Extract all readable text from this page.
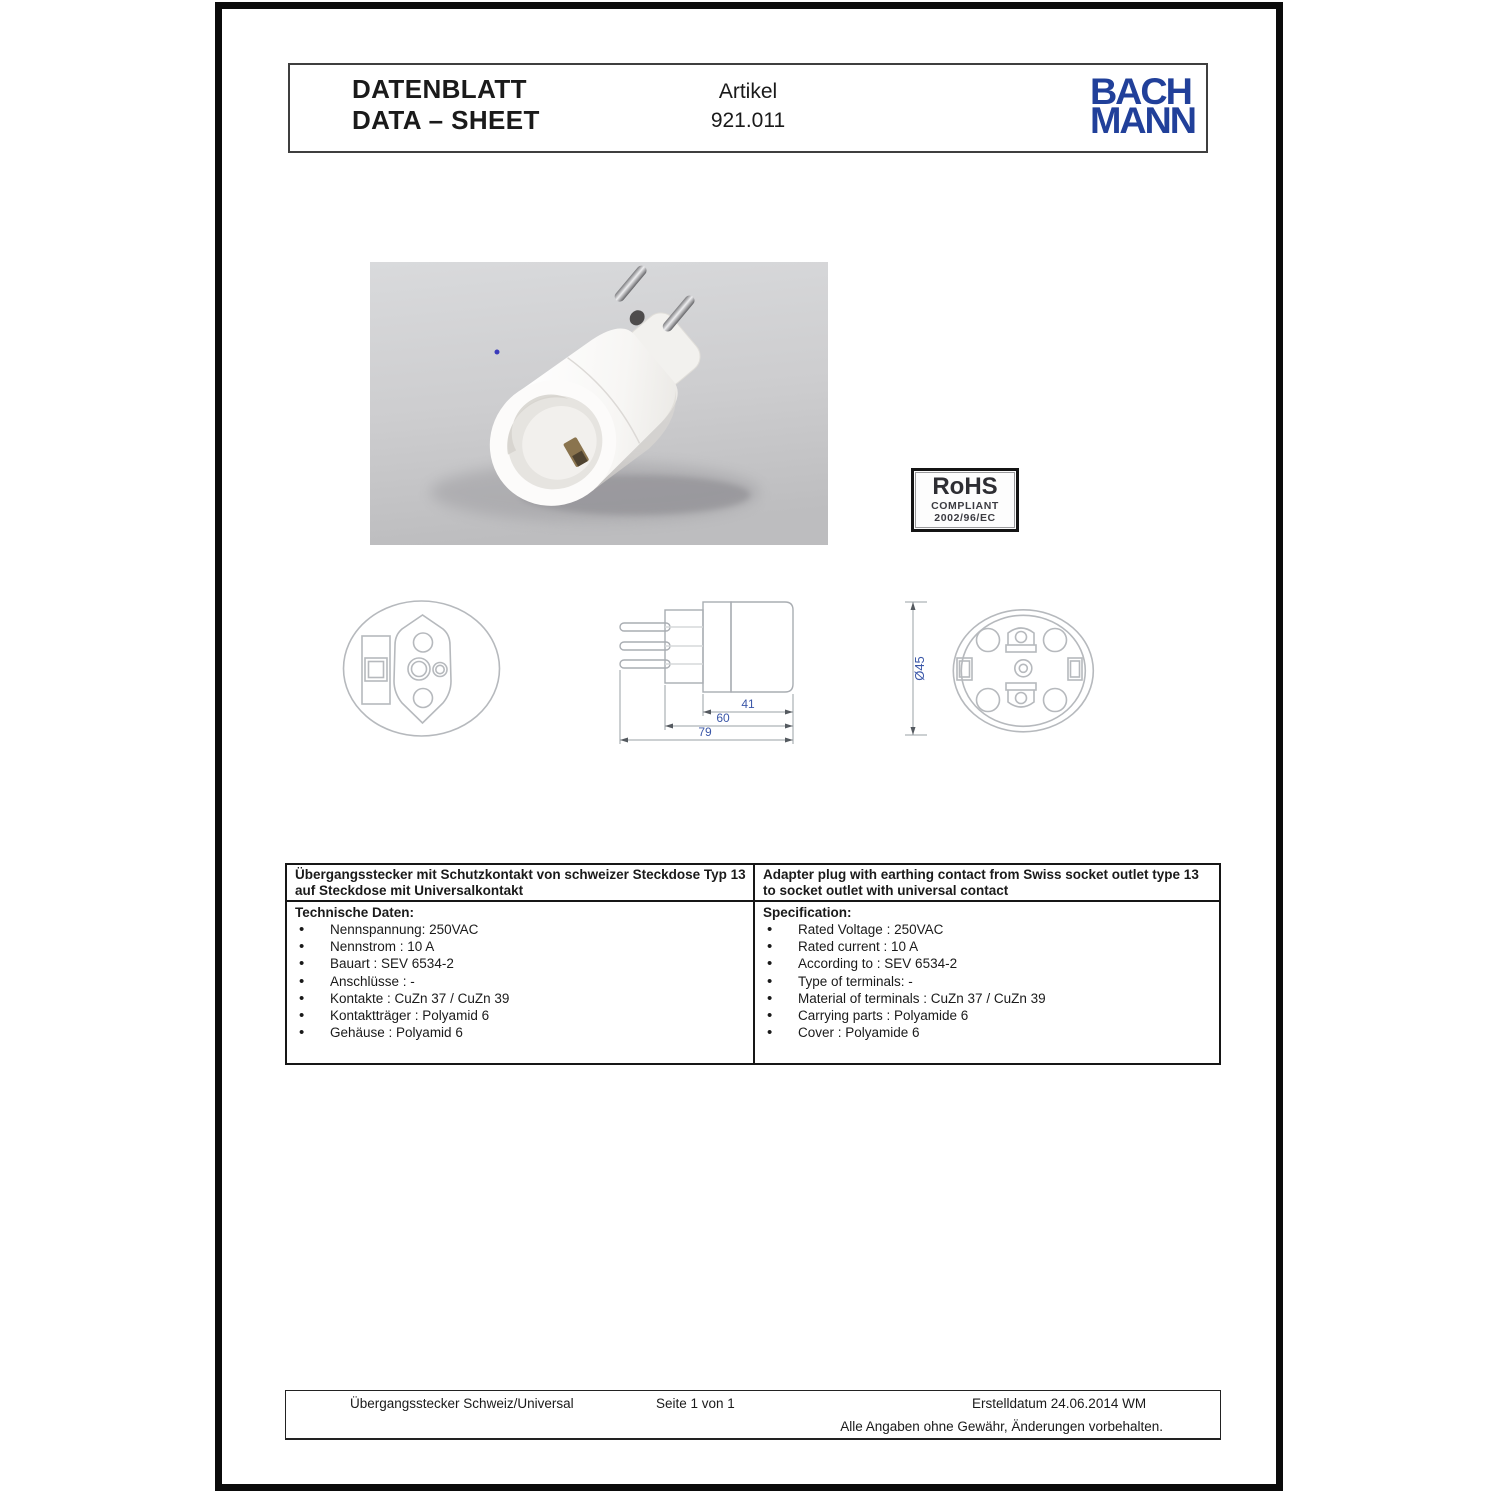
DATENBLATT
DATA – SHEET
Artikel
921.011
BACH
MANN
RoHS
COMPLIANT
2002/96/EC
41
60
79
Ø45
Übergangsstecker mit Schutzkontakt von schweizer Steckdose Typ 13 auf Steckdose mit Universalkontakt
Adapter plug with earthing contact from Swiss socket outlet type 13 to socket outlet with universal contact
Technische Daten:
• Nennspannung: 250VAC
• Nennstrom : 10 A
• Bauart : SEV 6534-2
• Anschlüsse : -
• Kontakte : CuZn 37 / CuZn 39
• Kontaktträger : Polyamid 6
• Gehäuse : Polyamid 6
Specification:
• Rated Voltage : 250VAC
• Rated current : 10 A
• According to : SEV 6534-2
• Type of terminals: -
• Material of terminals : CuZn 37 / CuZn 39
• Carrying parts : Polyamide 6
• Cover : Polyamide 6
Übergangsstecker Schweiz/Universal	Seite 1 von 1	Erstelldatum 24.06.2014 WM
Alle Angaben ohne Gewähr, Änderungen vorbehalten.
